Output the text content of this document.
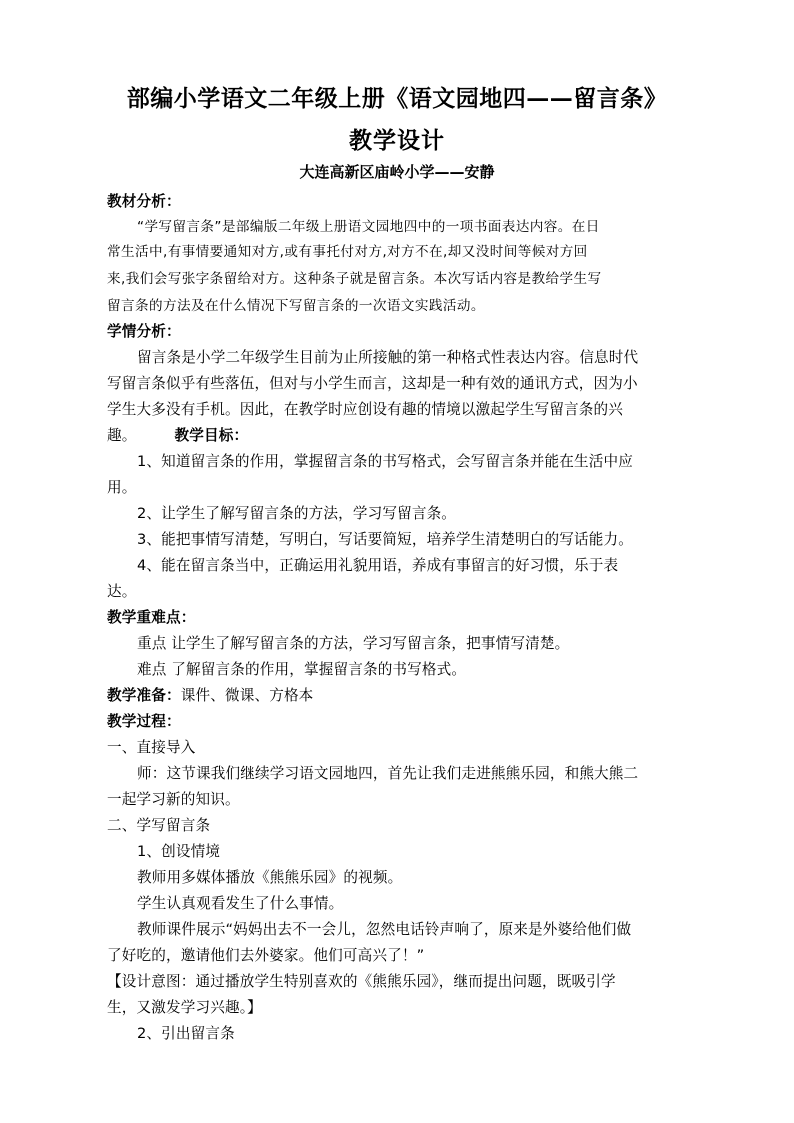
部编小学语文二年级上册《语文园地四——留言条》
教学设计
大连高新区庙岭小学——安静
教材分析：
“学写留言条”是部编版二年级上册语文园地四中的一项书面表达内容。在日
常生活中,有事情要通知对方,或有事托付对方,对方不在,却又没时间等候对方回
来,我们会写张字条留给对方。这种条子就是留言条。本次写话内容是教给学生写
留言条的方法及在什么情况下写留言条的一次语文实践活动。
学情分析：
留言条是小学二年级学生目前为止所接触的第一种格式性表达内容。信息时代
写留言条似乎有些落伍，但对与小学生而言，这却是一种有效的通讯方式，因为小
学生大多没有手机。因此，在教学时应创设有趣的情境以激起学生写留言条的兴
趣。	教学目标：
1、知道留言条的作用，掌握留言条的书写格式，会写留言条并能在生活中应
用。
2、让学生了解写留言条的方法，学习写留言条。
3、能把事情写清楚，写明白，写话要简短，培养学生清楚明白的写话能力。
4、能在留言条当中，正确运用礼貌用语，养成有事留言的好习惯，乐于表
达。
教学重难点：
重点 让学生了解写留言条的方法，学习写留言条，把事情写清楚。
难点 了解留言条的作用，掌握留言条的书写格式。
教学准备：课件、微课、方格本
教学过程：
一、直接导入
师：这节课我们继续学习语文园地四，首先让我们走进熊熊乐园，和熊大熊二
一起学习新的知识。
二、学写留言条
1、创设情境
教师用多媒体播放《熊熊乐园》的视频。
学生认真观看发生了什么事情。
教师课件展示“妈妈出去不一会儿，忽然电话铃声响了，原来是外婆给他们做
了好吃的，邀请他们去外婆家。他们可高兴了！”
【设计意图：通过播放学生特别喜欢的《熊熊乐园》，继而提出问题，既吸引学
生，又激发学习兴趣。】
2、引出留言条
